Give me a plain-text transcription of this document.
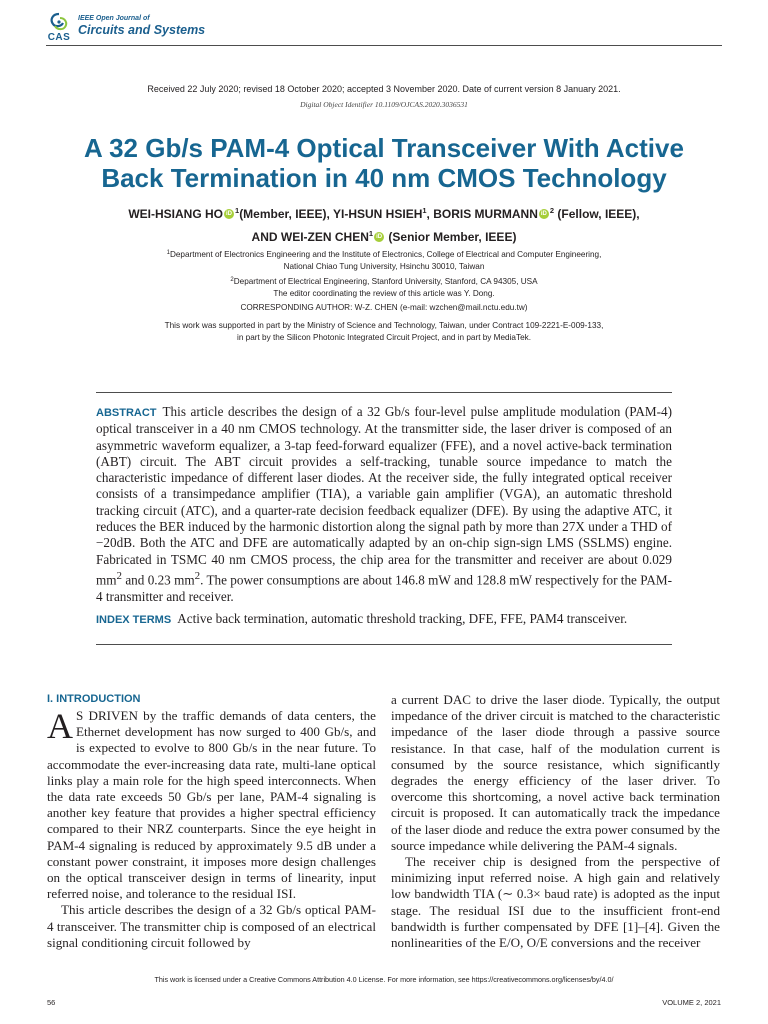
CAS
IEEE Open Journal of
Circuits and Systems
Received 22 July 2020; revised 18 October 2020; accepted 3 November 2020. Date of current version 8 January 2021.
Digital Object Identifier 10.1109/OJCAS.2020.3036531
A 32 Gb/s PAM-4 Optical Transceiver With Active
Back Termination in 40 nm CMOS Technology
WEI-HSIANG HO iD $^1$(Member, IEEE), YI-HSUN HSIEH$^1$, BORIS MURMANN iD $^2$ (Fellow, IEEE),
AND WEI-ZEN CHEN$^1$ iD (Senior Member, IEEE)
$^1$Department of Electronics Engineering and the Institute of Electronics, College of Electrical and Computer Engineering,
National Chiao Tung University, Hsinchu 30010, Taiwan
$^2$Department of Electrical Engineering, Stanford University, Stanford, CA 94305, USA
The editor coordinating the review of this article was Y. Dong.
CORRESPONDING AUTHOR: W-Z. CHEN (e-mail: wzchen@mail.nctu.edu.tw)
This work was supported in part by the Ministry of Science and Technology, Taiwan, under Contract 109-2221-E-009-133,
in part by the Silicon Photonic Integrated Circuit Project, and in part by MediaTek.
ABSTRACT This article describes the design of a 32 Gb/s four-level pulse amplitude modulation (PAM-4) optical transceiver in a 40 nm CMOS technology. At the transmitter side, the laser driver is composed of an asymmetric waveform equalizer, a 3-tap feed-forward equalizer (FFE), and a novel active-back termination (ABT) circuit. The ABT circuit provides a self-tracking, tunable source impedance to match the characteristic impedance of different laser diodes. At the receiver side, the fully integrated optical receiver consists of a transimpedance amplifier (TIA), a variable gain amplifier (VGA), an automatic threshold tracking circuit (ATC), and a quarter-rate decision feedback equalizer (DFE). By using the adaptive ATC, it reduces the BER induced by the harmonic distortion along the signal path by more than 27X under a THD of −20dB. Both the ATC and DFE are automatically adapted by an on-chip sign-sign LMS (SSLMS) engine. Fabricated in TSMC 40 nm CMOS process, the chip area for the transmitter and receiver are about 0.029 $mm^2$ and 0.23 $mm^2$. The power consumptions are about 146.8 mW and 128.8 mW respectively for the PAM-4 transmitter and receiver.
INDEX TERMS Active back termination, automatic threshold tracking, DFE, FFE, PAM4 transceiver.
I. INTRODUCTION

A S DRIVEN by the traffic demands of data centers, the Ethernet development has now surged to 400 Gb/s, and is expected to evolve to 800 Gb/s in the near future. To accommodate the ever-increasing data rate, multi-lane optical links play a main role for the high speed interconnects. When the data rate exceeds 50 Gb/s per lane, PAM-4 signaling is another key feature that provides a higher spectral efficiency compared to their NRZ counterparts. Since the eye height in PAM-4 signaling is reduced by approximately 9.5 dB under a constant power constraint, it imposes more design challenges on the optical transceiver design in terms of linearity, input referred noise, and tolerance to the residual ISI.

This article describes the design of a 32 Gb/s optical PAM-4 transceiver. The transmitter chip is composed of an electrical signal conditioning circuit followed by

a current DAC to drive the laser diode. Typically, the output impedance of the driver circuit is matched to the characteristic impedance of the laser diode through a passive source resistance. In that case, half of the modulation current is consumed by the source resistance, which significantly degrades the energy efficiency of the laser driver. To overcome this shortcoming, a novel active back termination circuit is proposed. It can automatically track the impedance of the laser diode and reduce the extra power consumed by the source impedance while delivering the PAM-4 signals.

The receiver chip is designed from the perspective of minimizing input referred noise. A high gain and relatively low bandwidth TIA (∼ 0.3× baud rate) is adopted as the input stage. The residual ISI due to the insufficient front-end bandwidth is further compensated by DFE [1]–[4]. Given the nonlinearities of the E/O, O/E conversions and the receiver

This work is licensed under a Creative Commons Attribution 4.0 License. For more information, see https://creativecommons.org/licenses/by/4.0/
56	VOLUME 2, 2021
